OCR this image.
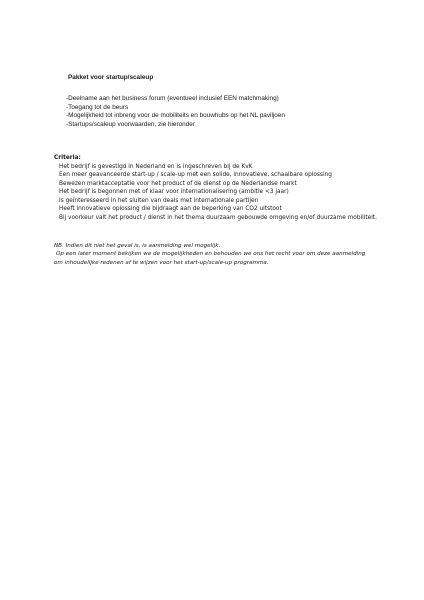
Pakket voor startup/scaleup
-Deelname aan het business forum (eventueel inclusief EEN matchmaking)
-Toegang tot de beurs
-Mogelijkheid tot inbreng voor de mobiliteits en bouwhubs op het NL paviljoen
-Startups/scaleup voorwaarden, zie hieronder
Criteria:
Het bedrijf is gevestigd in Nederland en is ingeschreven bij de KvK
Een meer geavanceerde start-up / scale-up met een solide, innovatieve, schaalbare oplossing
Bewezen marktacceptatie voor het product of de dienst op de Nederlandse markt
Het bedrijf is begonnen met of klaar voor internationalisering (ambitie <3 jaar)
Is geïnteresseerd in het sluiten van deals met internationale partijen
Heeft innovatieve oplossing die bijdraagt aan de beperking van CO2 uitstoot
Bij voorkeur valt het product / dienst in het thema duurzaam gebouwde omgeving en/of duurzame mobiliteit.
NB. Indien dit niet het geval is, is aanmelding wel mogelijk.
Op een later moment bekijken we de mogelijkheden en behouden we ons het recht voor om deze aanmelding
om inhoudelijke redenen af te wijzen voor het start-up/scale-up programma.
